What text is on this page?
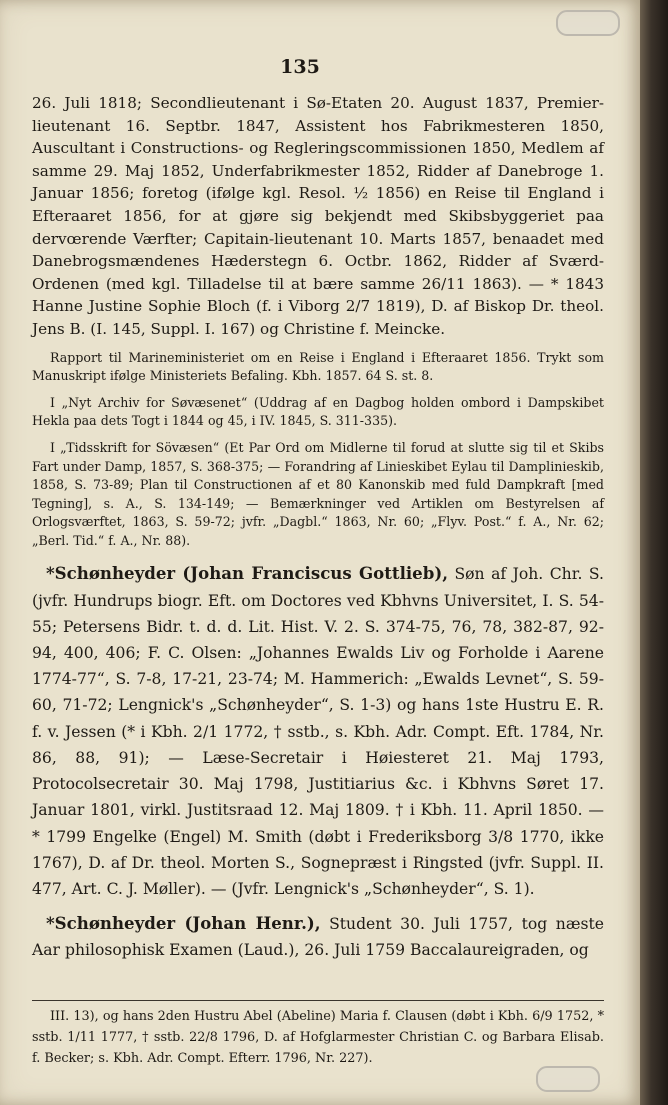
135

26. Juli 1818; Secondlieutenant i Sø-Etaten 20. August 1837, Premier-lieutenant 16. Septbr. 1847, Assistent hos Fabrikmesteren 1850, Auscultant i Constructions- og Regleringscommissionen 1850, Medlem af samme 29. Maj 1852, Underfabrikmester 1852, Ridder af Danebroge 1. Januar 1856; foretog (ifølge kgl. Resol. ½ 1856) en Reise til England i Efteraaret 1856, for at gjøre sig bekjendt med Skibsbyggeriet paa dervœrende Værfter; Capitain-lieutenant 10. Marts 1857, benaadet med Danebrogsmændenes Hæderstegn 6. Octbr. 1862, Ridder af Sværd-Ordenen (med kgl. Tilladelse til at bære samme 26/11 1863). — * 1843 Hanne Justine Sophie Bloch (f. i Viborg 2/7 1819), D. af Biskop Dr. theol. Jens B. (I. 145, Suppl. I. 167) og Christine f. Meincke.

Rapport til Marineministeriet om en Reise i England i Efteraaret 1856. Trykt som Manuskript ifølge Ministeriets Befaling. Kbh. 1857. 64 S. st. 8.

I „Nyt Archiv for Søvæsenet“ (Uddrag af en Dagbog holden ombord i Dampskibet Hekla paa dets Togt i 1844 og 45, i IV. 1845, S. 311-335).

I „Tidsskrift for Sövæsen“ (Et Par Ord om Midlerne til forud at slutte sig til et Skibs Fart under Damp, 1857, S. 368-375; — Forandring af Linieskibet Eylau til Damplinieskib, 1858, S. 73-89; Plan til Constructionen af et 80 Kanonskib med fuld Dampkraft [med Tegning], s. A., S. 134-149; — Bemærkninger ved Artiklen om Bestyrelsen af Orlogsværftet, 1863, S. 59-72; jvfr. „Dagbl.“ 1863, Nr. 60; „Flyv. Post.“ f. A., Nr. 62; „Berl. Tid.“ f. A., Nr. 88).

*Schønheyder (Johan Franciscus Gottlieb), Søn af Joh. Chr. S. (jvfr. Hundrups biogr. Eft. om Doctores ved Kbhvns Universitet, I. S. 54-55; Petersens Bidr. t. d. d. Lit. Hist. V. 2. S. 374-75, 76, 78, 382-87, 92-94, 400, 406; F. C. Olsen: „Johannes Ewalds Liv og Forholde i Aarene 1774-77“, S. 7-8, 17-21, 23-74; M. Hammerich: „Ewalds Levnet“, S. 59-60, 71-72; Lengnick's „Schønheyder“, S. 1-3) og hans 1ste Hustru E. R. f. v. Jessen (* i Kbh. 2/1 1772, † sstb., s. Kbh. Adr. Compt. Eft. 1784, Nr. 86, 88, 91); — Læse-Secretair i Høiesteret 21. Maj 1793, Protocolsecretair 30. Maj 1798, Justitiarius &c. i Kbhvns Søret 17. Januar 1801, virkl. Justitsraad 12. Maj 1809. † i Kbh. 11. April 1850. — * 1799 Engelke (Engel) M. Smith (døbt i Frederiksborg 3/8 1770, ikke 1767), D. af Dr. theol. Morten S., Sognepræst i Ringsted (jvfr. Suppl. II. 477, Art. C. J. Møller). — (Jvfr. Lengnick's „Schønheyder“, S. 1).

*Schønheyder (Johan Henr.), Student 30. Juli 1757, tog næste Aar philosophisk Examen (Laud.), 26. Juli 1759 Baccalaureigraden, og

III. 13), og hans 2den Hustru Abel (Abeline) Maria f. Clausen (døbt i Kbh. 6/9 1752, * sstb. 1/11 1777, † sstb. 22/8 1796, D. af Hofglarmester Christian C. og Barbara Elisab. f. Becker; s. Kbh. Adr. Compt. Efterr. 1796, Nr. 227).
